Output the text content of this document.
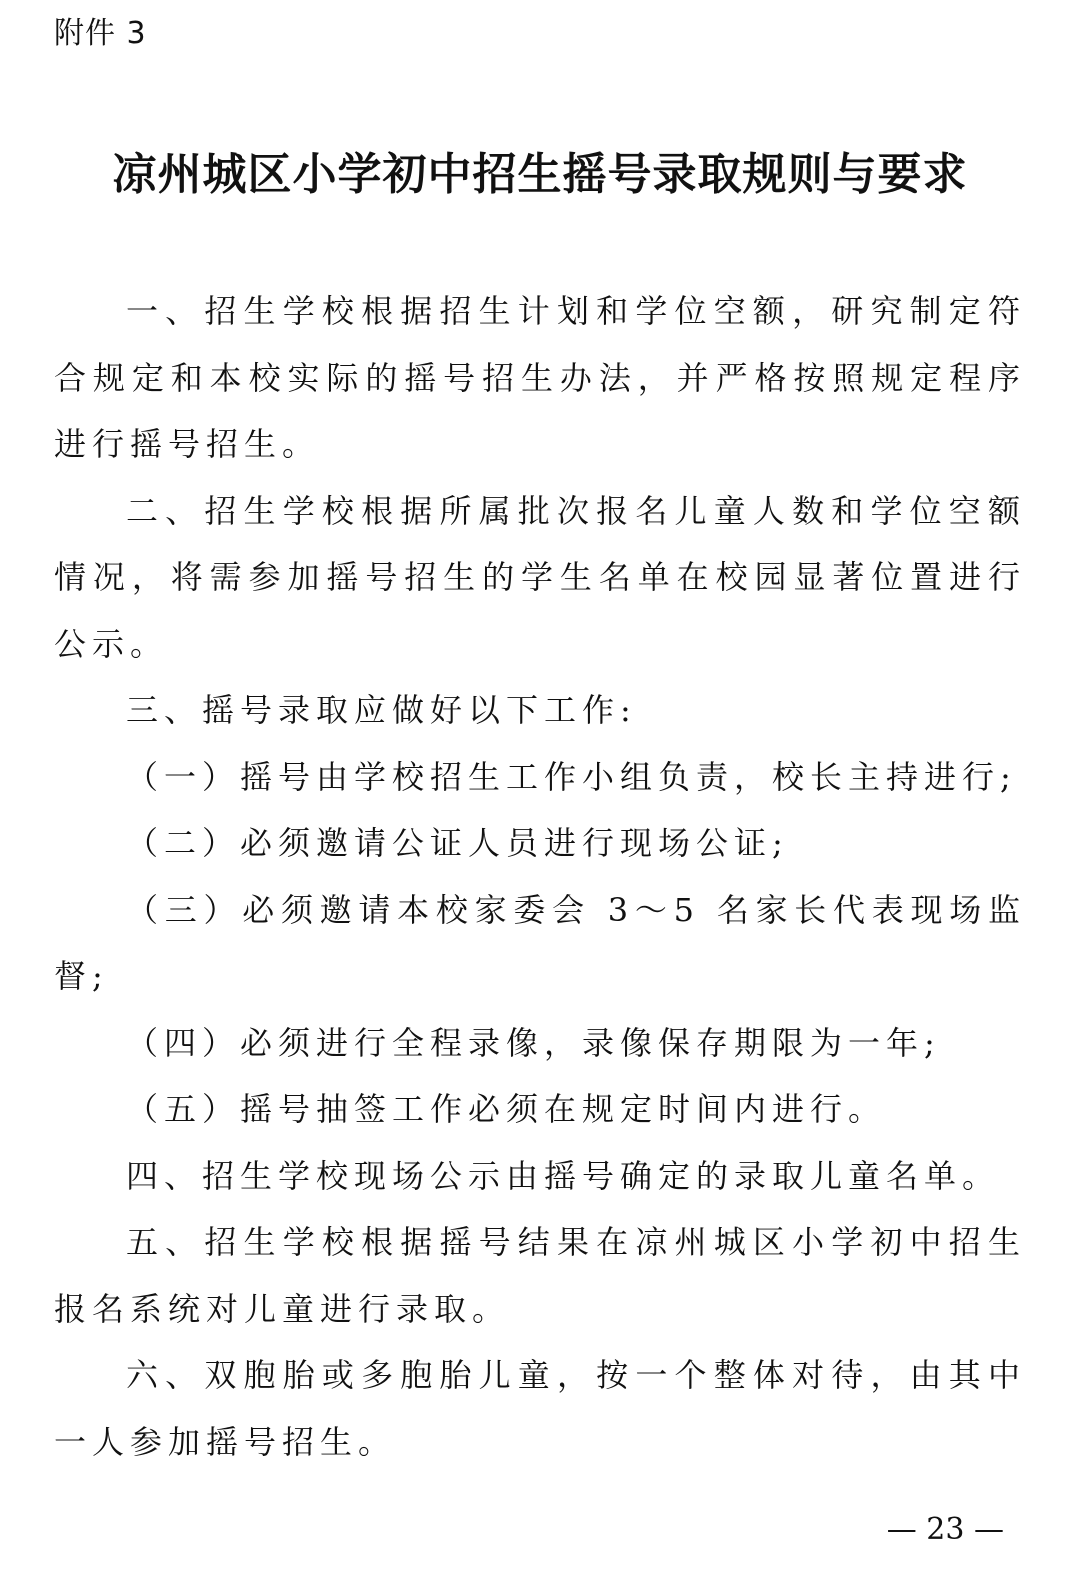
附件 3
凉州城区小学初中招生摇号录取规则与要求

一、招生学校根据招生计划和学位空额，研究制定符合规定和本校实际的摇号招生办法，并严格按照规定程序进行摇号招生。

二、招生学校根据所属批次报名儿童人数和学位空额情况，将需参加摇号招生的学生名单在校园显著位置进行公示。

三、摇号录取应做好以下工作:

（一）摇号由学校招生工作小组负责，校长主持进行;

（二）必须邀请公证人员进行现场公证;

（三）必须邀请本校家委会 3～5 名家长代表现场监督;

（四）必须进行全程录像，录像保存期限为一年;

（五）摇号抽签工作必须在规定时间内进行。

四、招生学校现场公示由摇号确定的录取儿童名单。

五、招生学校根据摇号结果在凉州城区小学初中招生报名系统对儿童进行录取。

六、双胞胎或多胞胎儿童，按一个整体对待，由其中一人参加摇号招生。

— 23 —
